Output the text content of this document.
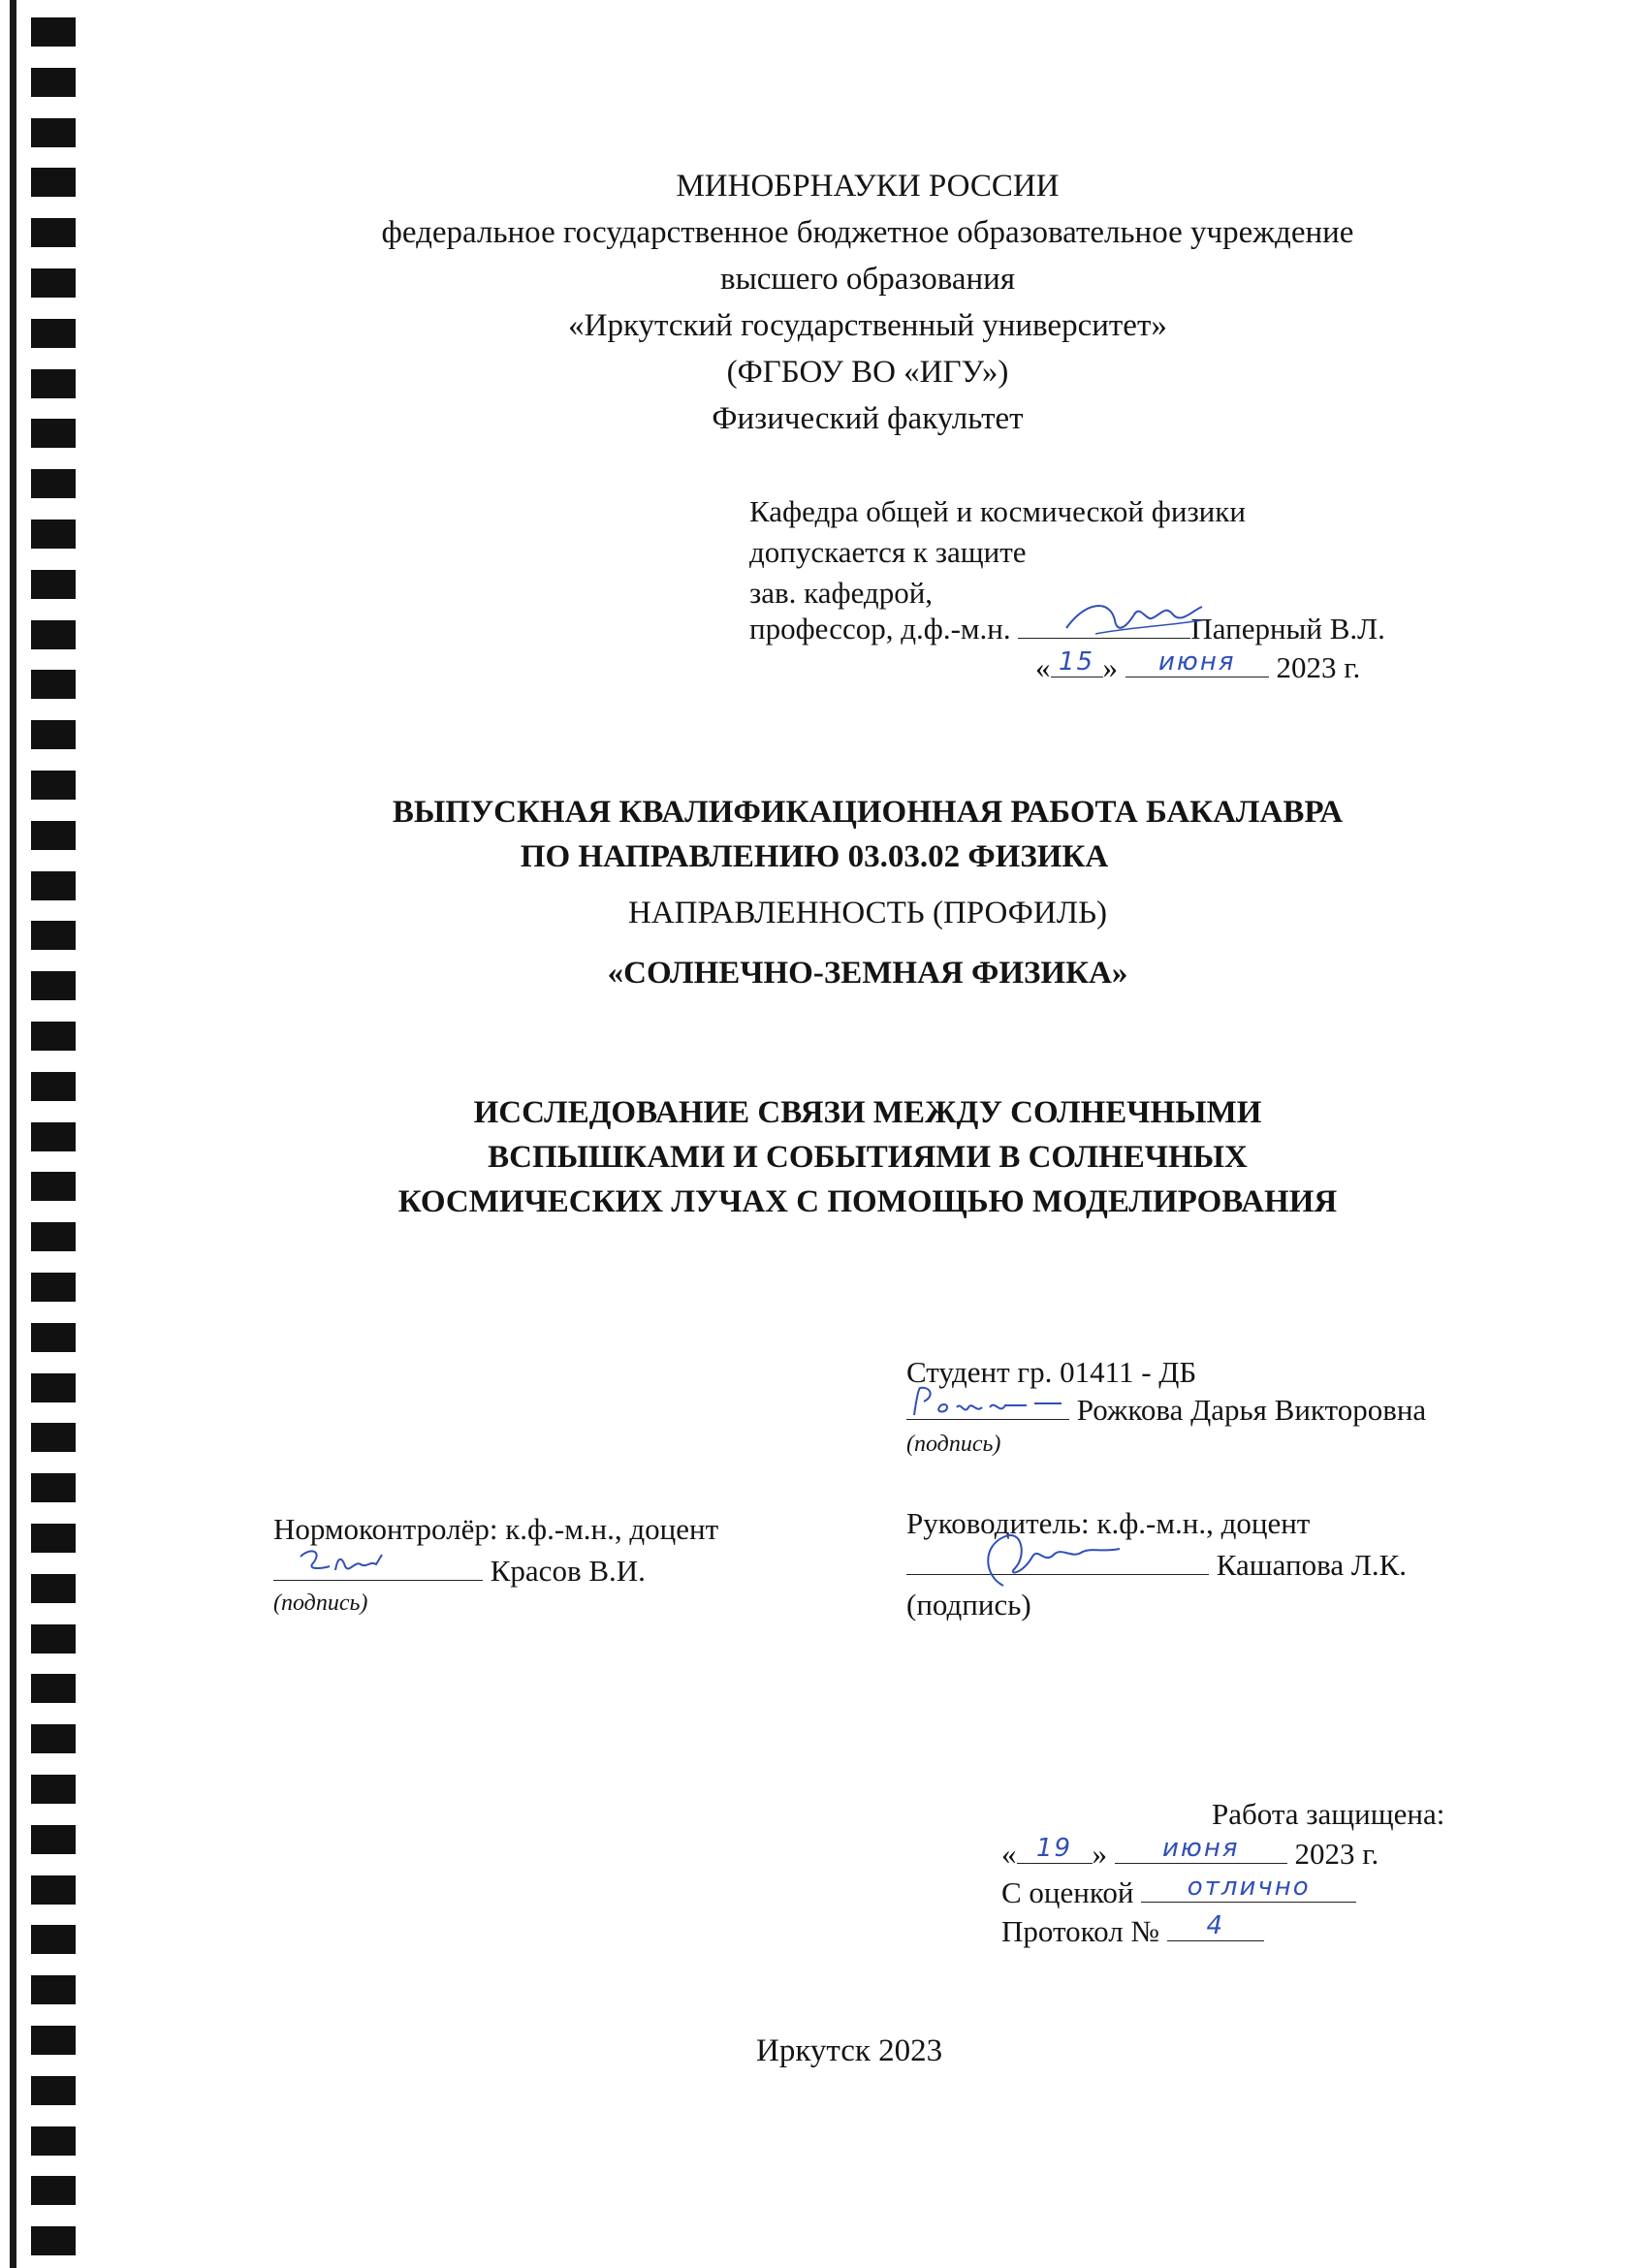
МИНОБРНАУКИ РОССИИ
федеральное государственное бюджетное образовательное учреждение
высшего образования
«Иркутский государственный университет»
(ФГБОУ ВО «ИГУ»)
Физический факультет
Кафедра общей и космической физики
допускается к защите
зав. кафедрой,
профессор, д.ф.-м.н.	Паперный В.Л.
« 15 »	июня	2023 г.
ВЫПУСКНАЯ КВАЛИФИКАЦИОННАЯ РАБОТА БАКАЛАВРА
ПО НАПРАВЛЕНИЮ 03.03.02 ФИЗИКА
НАПРАВЛЕННОСТЬ (ПРОФИЛЬ)
«СОЛНЕЧНО-ЗЕМНАЯ ФИЗИКА»
ИССЛЕДОВАНИЕ СВЯЗИ МЕЖДУ СОЛНЕЧНЫМИ
ВСПЫШКАМИ И СОБЫТИЯМИ В СОЛНЕЧНЫХ
КОСМИЧЕСКИХ ЛУЧАХ С ПОМОЩЬЮ МОДЕЛИРОВАНИЯ
Студент гр. 01411 - ДБ
Рожкова Дарья Викторовна
(подпись)
Нормоконтролёр: к.ф.-м.н., доцент
Красов В.И.
(подпись)
Руководитель: к.ф.-м.н., доцент
Кашапова Л.К.
(подпись)
Работа защищена:
« 19 »	июня	2023 г.
С оценкой	отлично
Протокол №	4
Иркутск 2023
